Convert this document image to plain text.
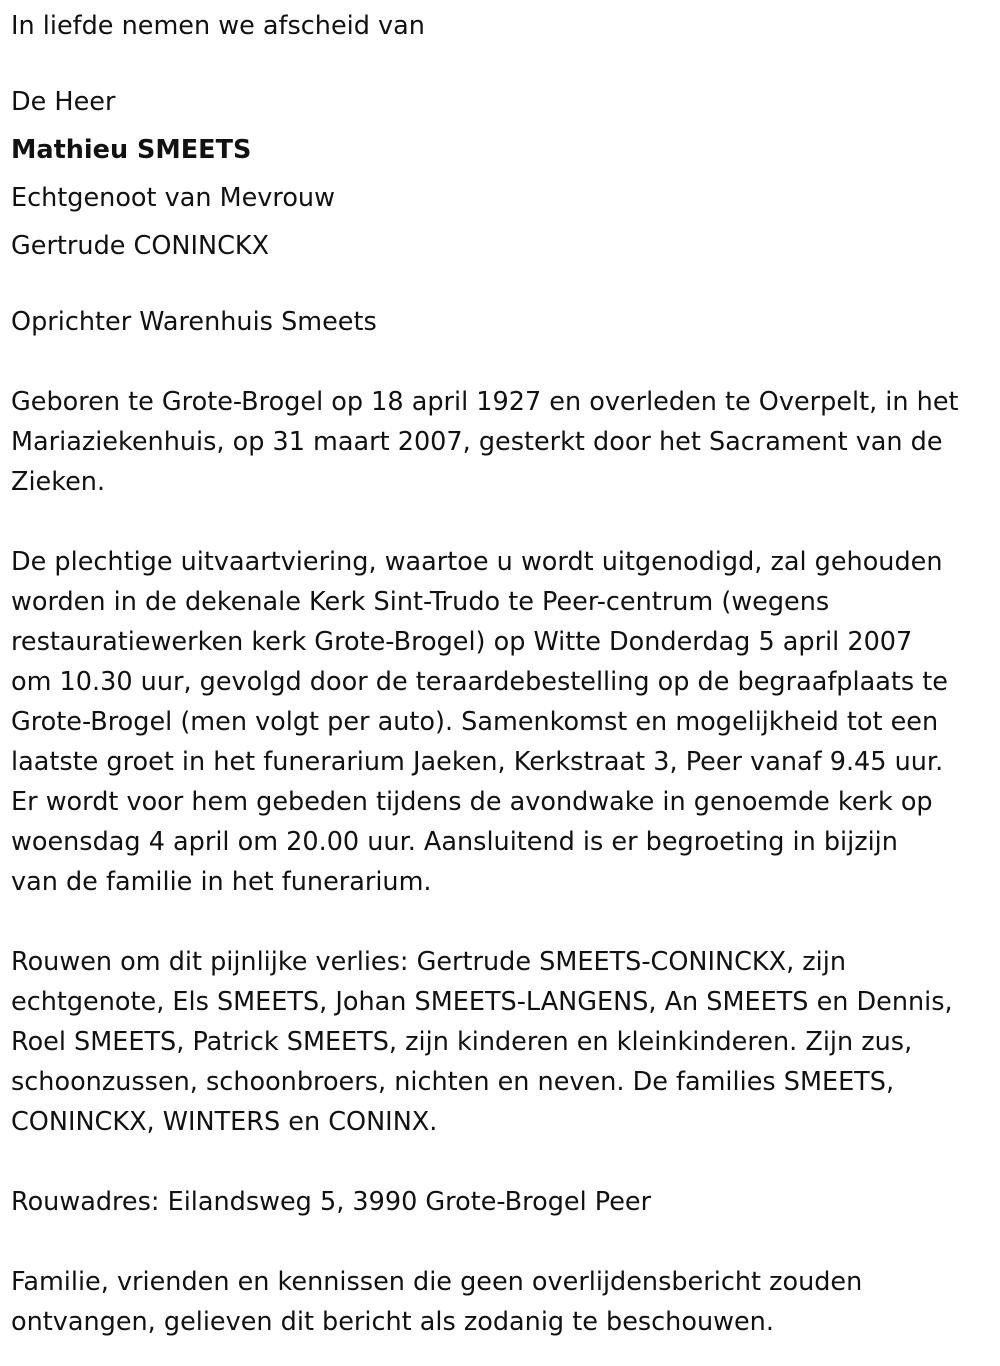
In liefde nemen we afscheid van
De Heer
Mathieu SMEETS
Echtgenoot van Mevrouw
Gertrude CONINCKX
Oprichter Warenhuis Smeets
Geboren te Grote-Brogel op 18 april 1927 en overleden te Overpelt, in het
Mariaziekenhuis, op 31 maart 2007, gesterkt door het Sacrament van de
Zieken.
De plechtige uitvaartviering, waartoe u wordt uitgenodigd, zal gehouden
worden in de dekenale Kerk Sint-Trudo te Peer-centrum (wegens
restauratiewerken kerk Grote-Brogel) op Witte Donderdag 5 april 2007
om 10.30 uur, gevolgd door de teraardebestelling op de begraafplaats te
Grote-Brogel (men volgt per auto). Samenkomst en mogelijkheid tot een
laatste groet in het funerarium Jaeken, Kerkstraat 3, Peer vanaf 9.45 uur.
Er wordt voor hem gebeden tijdens de avondwake in genoemde kerk op
woensdag 4 april om 20.00 uur. Aansluitend is er begroeting in bijzijn
van de familie in het funerarium.
Rouwen om dit pijnlijke verlies: Gertrude SMEETS-CONINCKX, zijn
echtgenote, Els SMEETS, Johan SMEETS-LANGENS, An SMEETS en Dennis,
Roel SMEETS, Patrick SMEETS, zijn kinderen en kleinkinderen. Zijn zus,
schoonzussen, schoonbroers, nichten en neven. De families SMEETS,
CONINCKX, WINTERS en CONINX.
Rouwadres: Eilandsweg 5, 3990 Grote-Brogel Peer
Familie, vrienden en kennissen die geen overlijdensbericht zouden
ontvangen, gelieven dit bericht als zodanig te beschouwen.
